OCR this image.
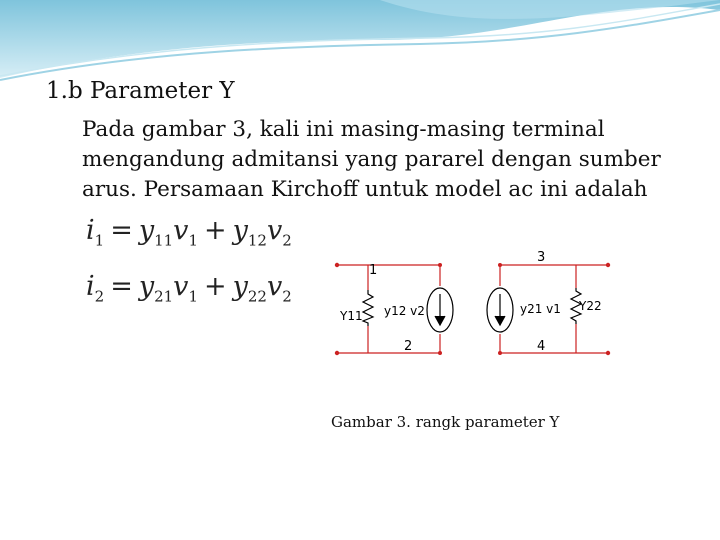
1.b Parameter Y
Pada gambar 3, kali ini masing-masing terminal
mengandung admitansi yang pararel dengan sumber
arus. Persamaan Kirchoff untuk model ac ini adalah
$i_1 = y_{11}v_1 + y_{12}v_2$
$i_2 = y_{21}v_1 + y_{22}v_2$
1
2
3
4
Y11 y12 v2	y21 v1 Y22
Gambar 3. rangk parameter Y
